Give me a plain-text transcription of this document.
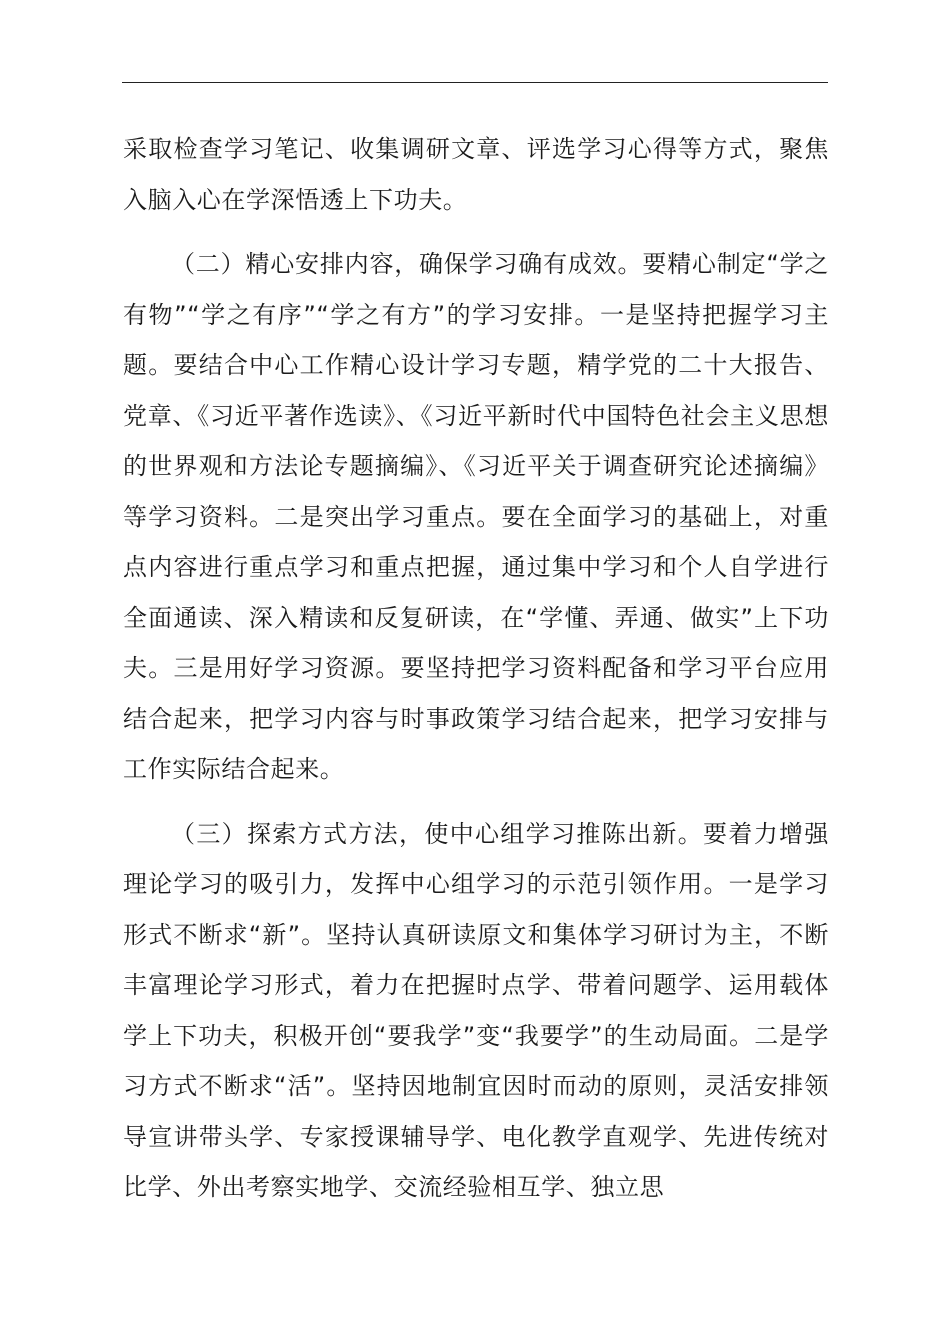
采取检查学习笔记、收集调研文章、评选学习心得等方式，聚焦入脑入心在学深悟透上下功夫。

（二）精心安排内容，确保学习确有成效。要精心制定“学之有物”“学之有序”“学之有方”的学习安排。一是坚持把握学习主题。要结合中心工作精心设计学习专题，精学党的二十大报告、党章、《习近平著作选读》、《习近平新时代中国特色社会主义思想的世界观和方法论专题摘编》、《习近平关于调查研究论述摘编》等学习资料。二是突出学习重点。要在全面学习的基础上，对重点内容进行重点学习和重点把握，通过集中学习和个人自学进行全面通读、深入精读和反复研读，在“学懂、弄通、做实”上下功夫。三是用好学习资源。要坚持把学习资料配备和学习平台应用结合起来，把学习内容与时事政策学习结合起来，把学习安排与工作实际结合起来。

（三）探索方式方法，使中心组学习推陈出新。要着力增强理论学习的吸引力，发挥中心组学习的示范引领作用。一是学习形式不断求“新”。坚持认真研读原文和集体学习研讨为主，不断丰富理论学习形式，着力在把握时点学、带着问题学、运用载体学上下功夫，积极开创“要我学”变“我要学”的生动局面。二是学习方式不断求“活”。坚持因地制宜因时而动的原则，灵活安排领导宣讲带头学、专家授课辅导学、电化教学直观学、先进传统对比学、外出考察实地学、交流经验相互学、独立思
